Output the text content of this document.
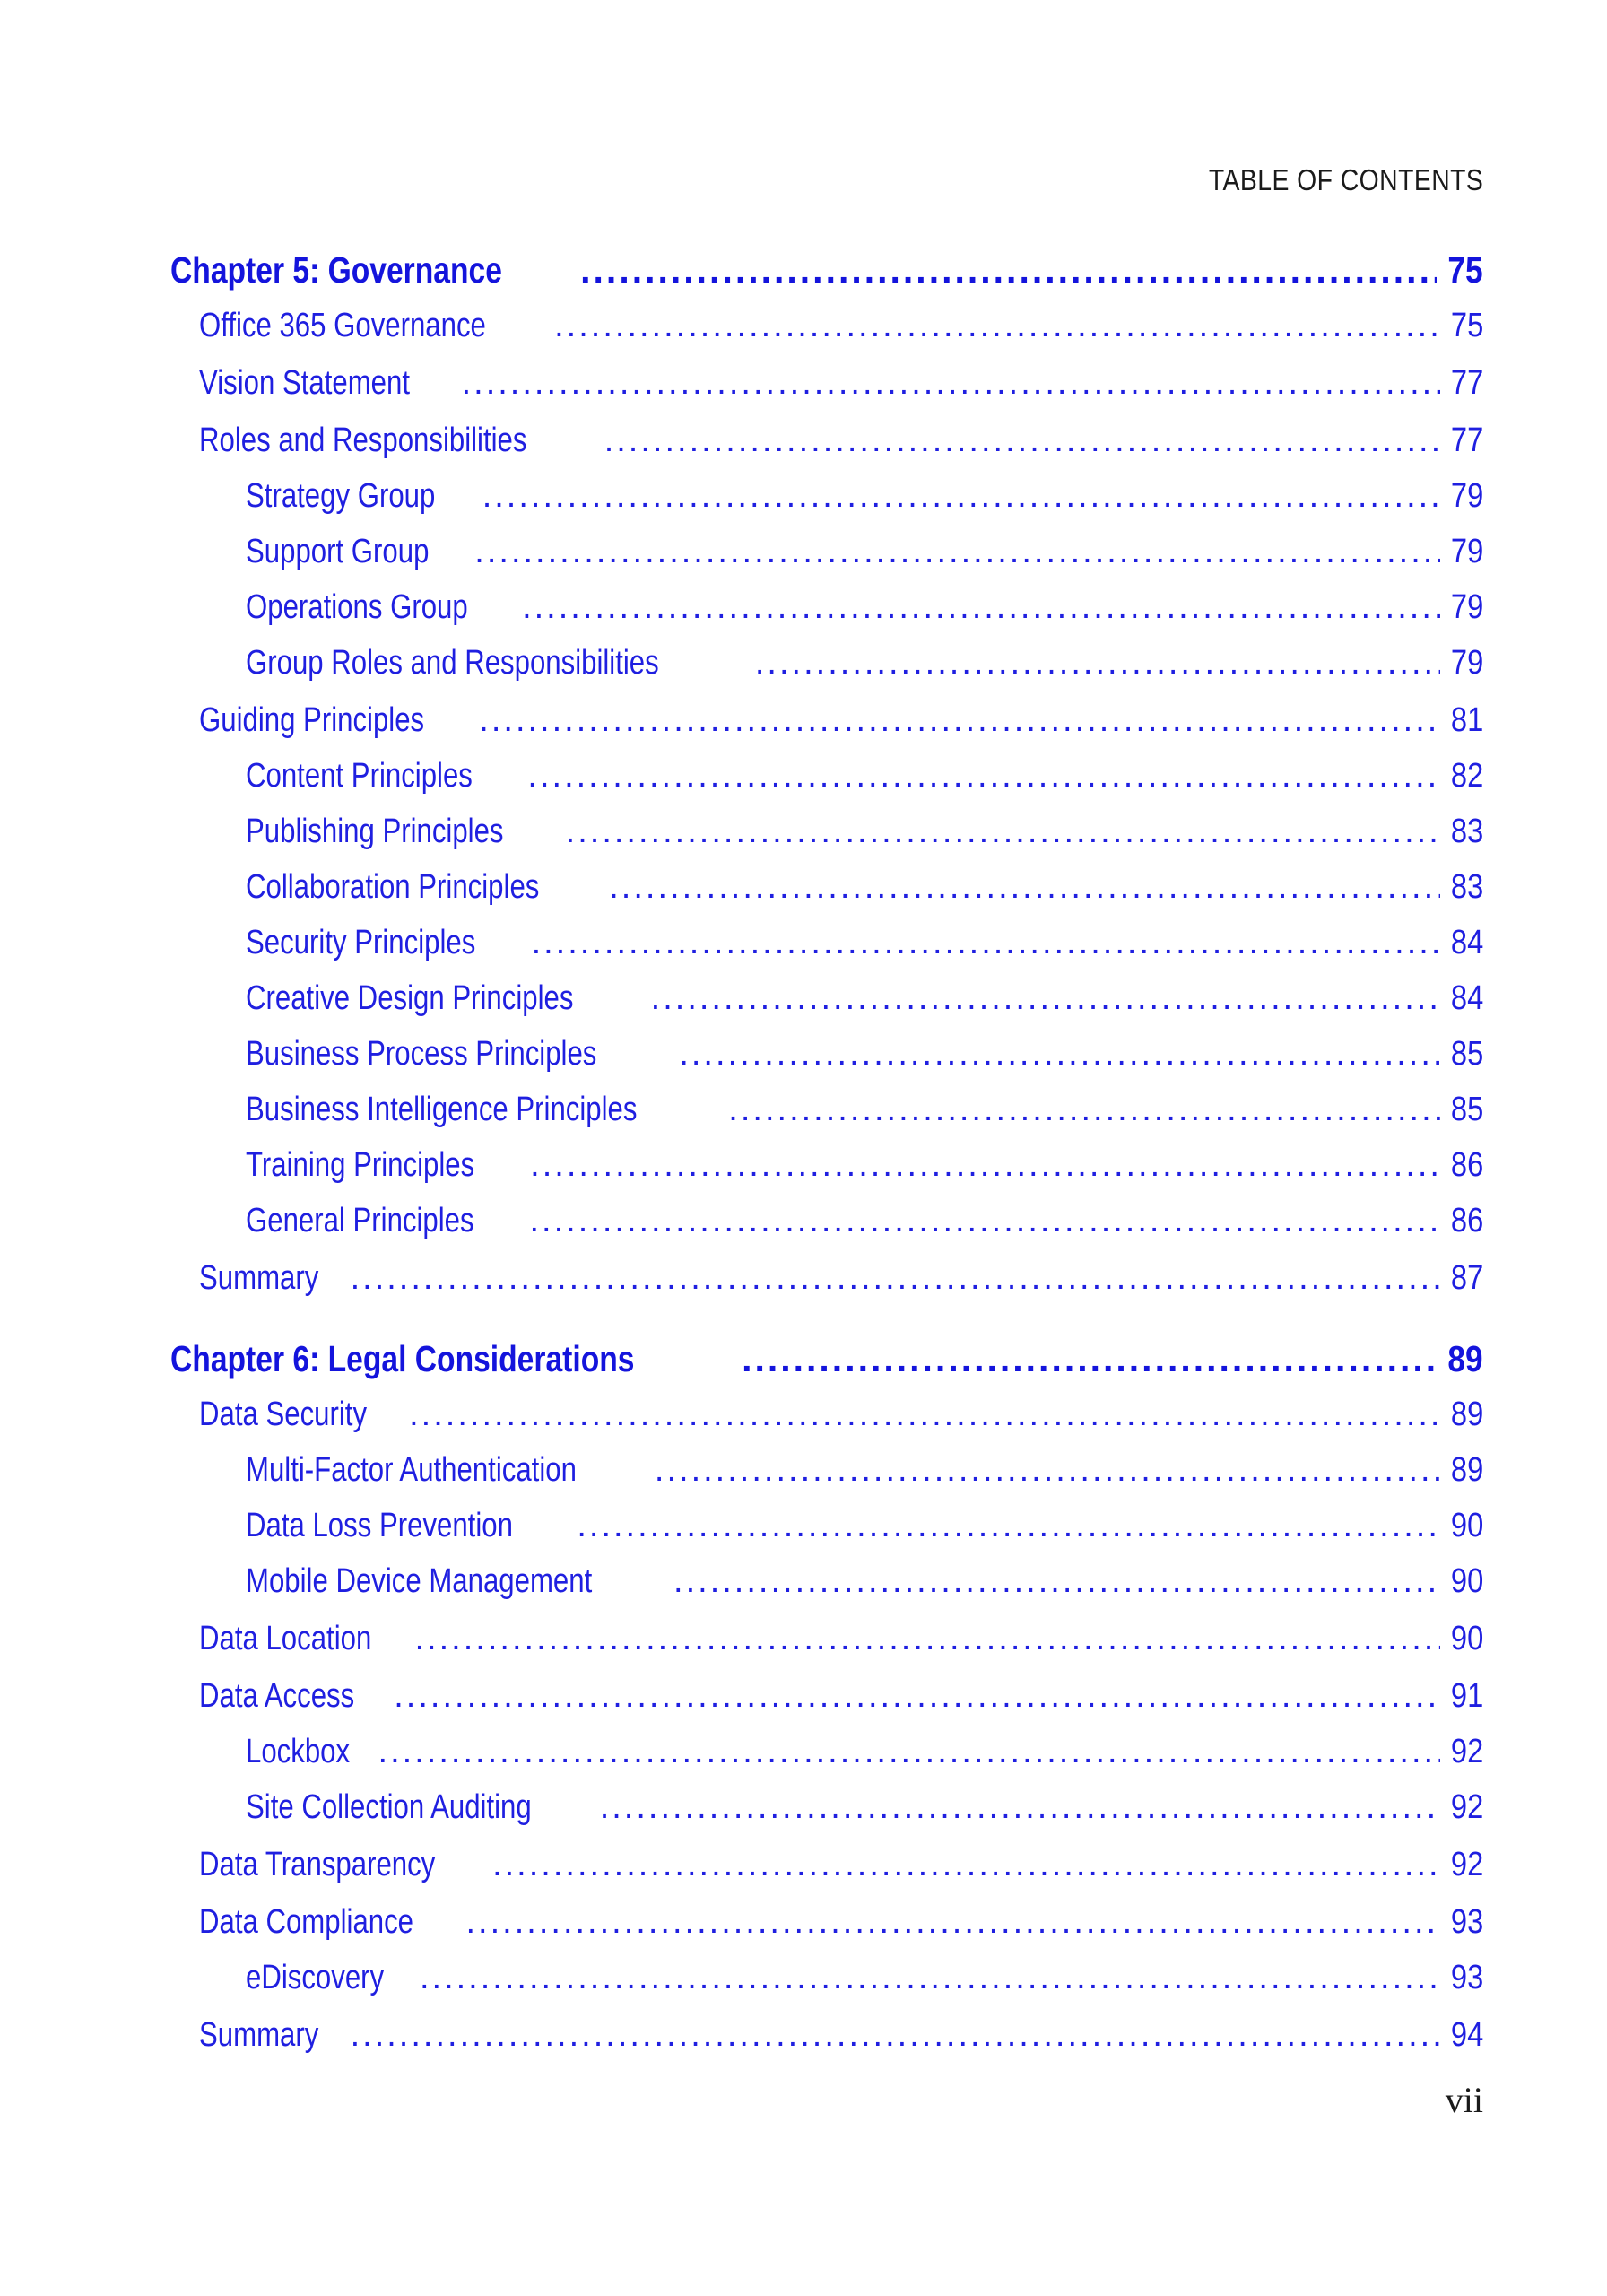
TABLE OF CONTENTS
Chapter 5: Governance .....	75
Office 365 Governance .....	75
Vision Statement .....	77
Roles and Responsibilities .....	77
Strategy Group .....	79
Support Group .....	79
Operations Group .....	79
Group Roles and Responsibilities .....	79
Guiding Principles .....	81
Content Principles .....	82
Publishing Principles .....	83
Collaboration Principles .....	83
Security Principles .....	84
Creative Design Principles .....	84
Business Process Principles .....	85
Business Intelligence Principles .....	85
Training Principles .....	86
General Principles .....	86
Summary .....	87
Chapter 6: Legal Considerations .....	89
Data Security .....	89
Multi-Factor Authentication .....	89
Data Loss Prevention .....	90
Mobile Device Management .....	90
Data Location .....	90
Data Access .....	91
Lockbox .....	92
Site Collection Auditing .....	92
Data Transparency .....	92
Data Compliance .....	93
eDiscovery .....	93
Summary .....	94
vii
